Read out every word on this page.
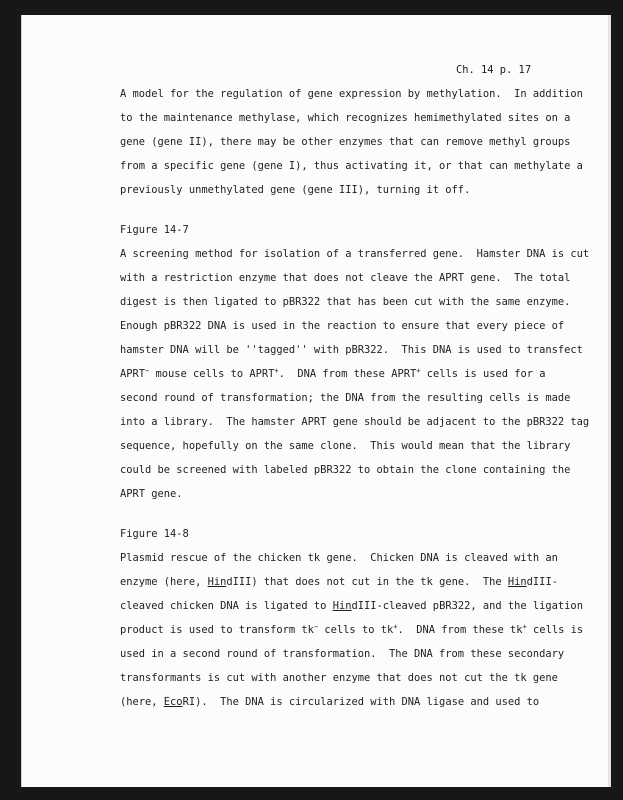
Ch. 14 p. 17

A model for the regulation of gene expression by methylation.  In addition

to the maintenance methylase, which recognizes hemimethylated sites on a

gene (gene II), there may be other enzymes that can remove methyl groups

from a specific gene (gene I), thus activating it, or that can methylate a

previously unmethylated gene (gene III), turning it off.

Figure 14-7

A screening method for isolation of a transferred gene.  Hamster DNA is cut

with a restriction enzyme that does not cleave the APRT gene.  The total

digest is then ligated to pBR322 that has been cut with the same enzyme.

Enough pBR322 DNA is used in the reaction to ensure that every piece of

hamster DNA will be ''tagged'' with pBR322.  This DNA is used to transfect

APRT− mouse cells to APRT+.  DNA from these APRT+ cells is used for a

second round of transformation; the DNA from the resulting cells is made

into a library.  The hamster APRT gene should be adjacent to the pBR322 tag

sequence, hopefully on the same clone.  This would mean that the library

could be screened with labeled pBR322 to obtain the clone containing the

APRT gene.

Figure 14-8

Plasmid rescue of the chicken tk gene.  Chicken DNA is cleaved with an

enzyme (here, HindIII) that does not cut in the tk gene.  The HindIII-

cleaved chicken DNA is ligated to HindIII-cleaved pBR322, and the ligation

product is used to transform tk− cells to tk+.  DNA from these tk+ cells is

used in a second round of transformation.  The DNA from these secondary

transformants is cut with another enzyme that does not cut the tk gene

(here, EcoRI).  The DNA is circularized with DNA ligase and used to
